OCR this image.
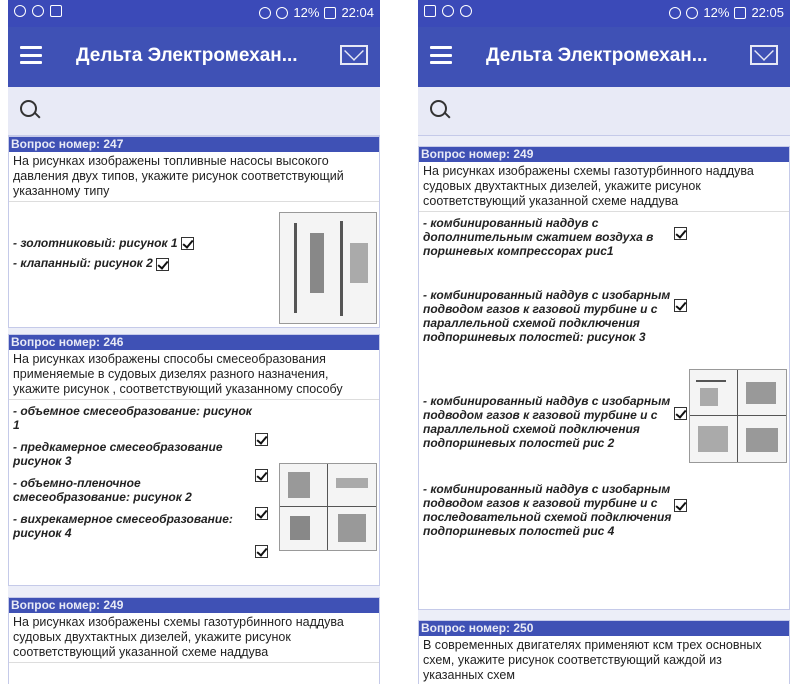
12% 22:04
Дельта Электромехан...
Вопрос номер: 247
На рисунках изображены топливные насосы высокого давления двух типов, укажите рисунок соответствующий указанному типу
- золотниковый: рисунок 1
- клапанный: рисунок 2
Вопрос номер: 246
На рисунках изображены способы смесеобразования применяемые в судовых дизелях разного назначения, укажите рисунок , соответствующий указанному способу
- объемное смесеобразование: рисунок 1
- предкамерное смесеобразование рисунок 3
- объемно-пленочное смесеобразование: рисунок 2
- вихрекамерное смесеобразование: рисунок 4
Вопрос номер: 249
На рисунках изображены схемы газотурбинного наддува судовых двухтактных дизелей, укажите рисунок соответствующий указанной схеме наддува
12% 22:05
Дельта Электромехан...
Вопрос номер: 249
На рисунках изображены схемы газотурбинного наддува судовых двухтактных дизелей, укажите рисунок соответствующий указанной схеме наддува
- комбинированный наддув с дополнительным сжатием воздуха в поршневых компрессорах рис1
- комбинированный наддув с изобарным подводом газов к газовой турбине и с параллельной схемой подключения подпоршневых полостей: рисунок 3
- комбинированный наддув с изобарным подводом газов к газовой турбине и с параллельной схемой подключения подпоршневых полостей рис 2
- комбинированный наддув с изобарным подводом газов к газовой турбине и с последовательной схемой подключения подпоршневых полостей рис 4
Вопрос номер: 250
В современных двигателях применяют ксм трех основных схем, укажите рисунок соответствующий каждой из указанных схем
